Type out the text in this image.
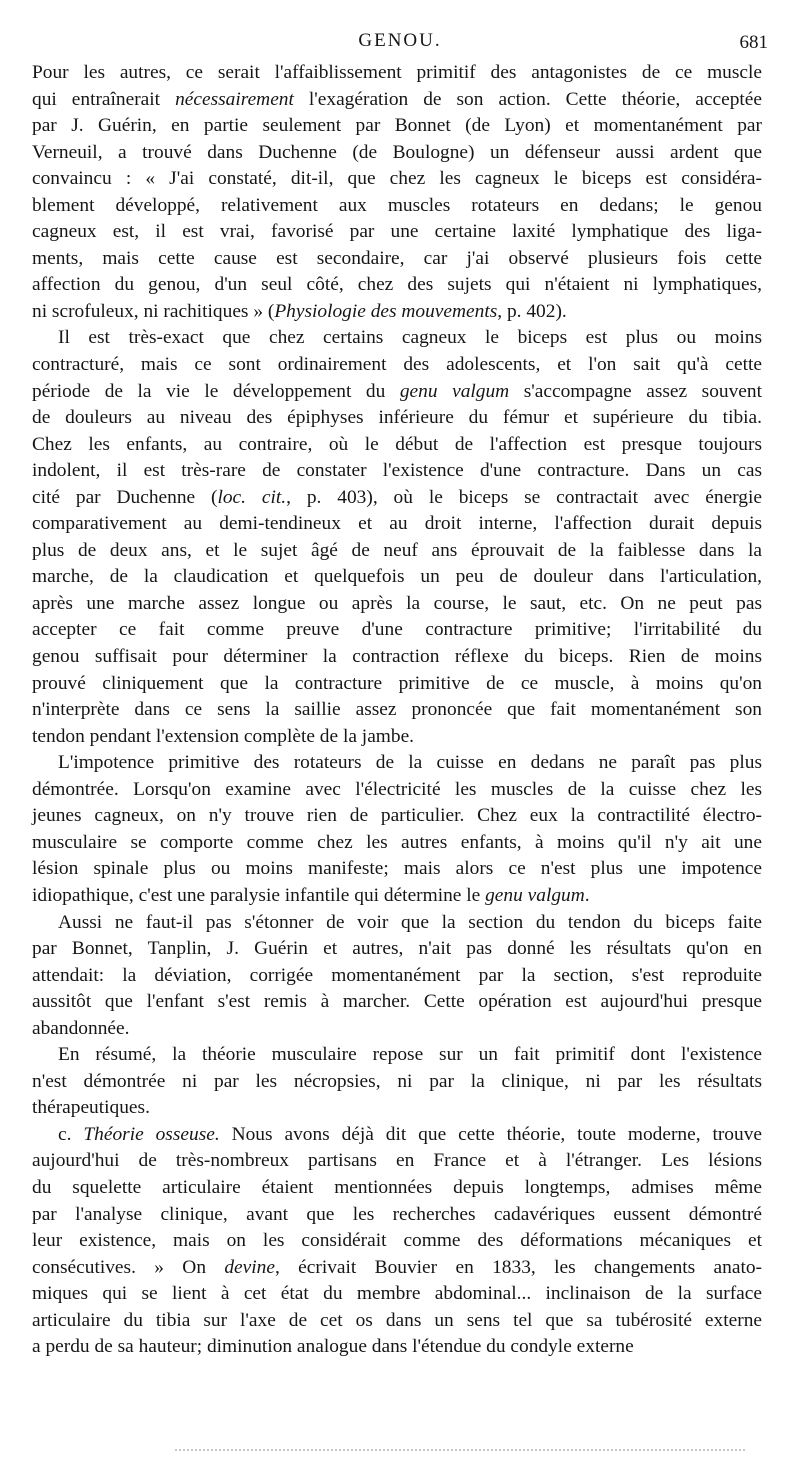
GENOU.	681
Pour les autres, ce serait l'affaiblissement primitif des antagonistes de ce muscle
qui entraînerait nécessairement l'exagération de son action. Cette théorie, acceptée
par J. Guérin, en partie seulement par Bonnet (de Lyon) et momentanément par
Verneuil, a trouvé dans Duchenne (de Boulogne) un défenseur aussi ardent que
convaincu : « J'ai constaté, dit-il, que chez les cagneux le biceps est considéra-
blement développé, relativement aux muscles rotateurs en dedans; le genou
cagneux est, il est vrai, favorisé par une certaine laxité lymphatique des liga-
ments, mais cette cause est secondaire, car j'ai observé plusieurs fois cette
affection du genou, d'un seul côté, chez des sujets qui n'étaient ni lymphatiques,
ni scrofuleux, ni rachitiques » (Physiologie des mouvements, p. 402).
Il est très-exact que chez certains cagneux le biceps est plus ou moins
contracturé, mais ce sont ordinairement des adolescents, et l'on sait qu'à cette
période de la vie le développement du genu valgum s'accompagne assez souvent
de douleurs au niveau des épiphyses inférieure du fémur et supérieure du tibia.
Chez les enfants, au contraire, où le début de l'affection est presque toujours
indolent, il est très-rare de constater l'existence d'une contracture. Dans un cas
cité par Duchenne (loc. cit., p. 403), où le biceps se contractait avec énergie
comparativement au demi-tendineux et au droit interne, l'affection durait depuis
plus de deux ans, et le sujet âgé de neuf ans éprouvait de la faiblesse dans la
marche, de la claudication et quelquefois un peu de douleur dans l'articulation,
après une marche assez longue ou après la course, le saut, etc. On ne peut pas
accepter ce fait comme preuve d'une contracture primitive; l'irritabilité du
genou suffisait pour déterminer la contraction réflexe du biceps. Rien de moins
prouvé cliniquement que la contracture primitive de ce muscle, à moins qu'on
n'interprète dans ce sens la saillie assez prononcée que fait momentanément son
tendon pendant l'extension complète de la jambe.
L'impotence primitive des rotateurs de la cuisse en dedans ne paraît pas plus
démontrée. Lorsqu'on examine avec l'électricité les muscles de la cuisse chez les
jeunes cagneux, on n'y trouve rien de particulier. Chez eux la contractilité électro-
musculaire se comporte comme chez les autres enfants, à moins qu'il n'y ait une
lésion spinale plus ou moins manifeste; mais alors ce n'est plus une impotence
idiopathique, c'est une paralysie infantile qui détermine le genu valgum.
Aussi ne faut-il pas s'étonner de voir que la section du tendon du biceps faite
par Bonnet, Tanplin, J. Guérin et autres, n'ait pas donné les résultats qu'on en
attendait: la déviation, corrigée momentanément par la section, s'est reproduite
aussitôt que l'enfant s'est remis à marcher. Cette opération est aujourd'hui presque
abandonnée.
En résumé, la théorie musculaire repose sur un fait primitif dont l'existence
n'est démontrée ni par les nécropsies, ni par la clinique, ni par les résultats
thérapeutiques.
c. Théorie osseuse. Nous avons déjà dit que cette théorie, toute moderne, trouve
aujourd'hui de très-nombreux partisans en France et à l'étranger. Les lésions
du squelette articulaire étaient mentionnées depuis longtemps, admises même
par l'analyse clinique, avant que les recherches cadavériques eussent démontré
leur existence, mais on les considérait comme des déformations mécaniques et
consécutives. » On devine, écrivait Bouvier en 1833, les changements anato-
miques qui se lient à cet état du membre abdominal... inclinaison de la surface
articulaire du tibia sur l'axe de cet os dans un sens tel que sa tubérosité externe
a perdu de sa hauteur; diminution analogue dans l'étendue du condyle externe
